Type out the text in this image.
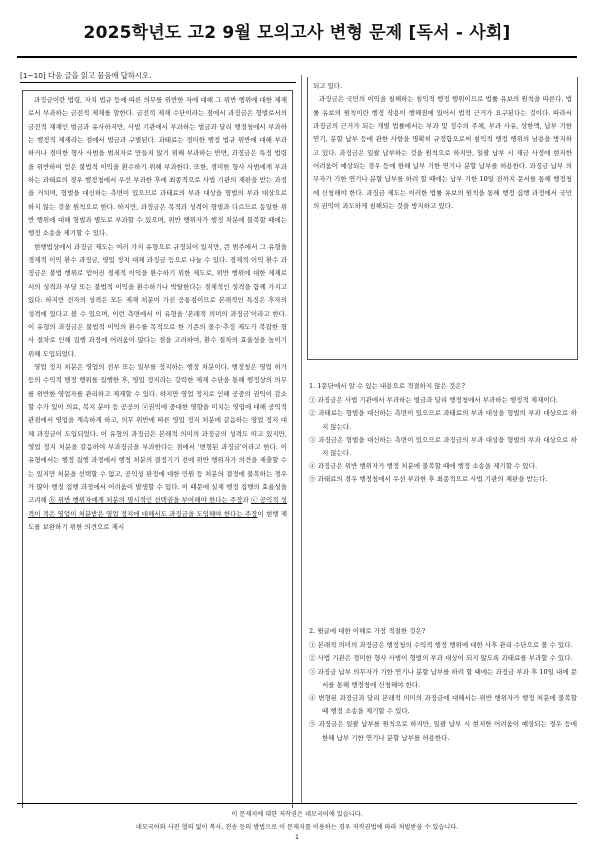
2025학년도 고2 9월 모의고사 변형 문제 [독서 - 사회]
[1~10] 다음 글을 읽고 물음에 답하시오.

과징금이란 법령, 자치 법규 등에 따른 의무를 위반한 자에 대해 그 위반 행위에 대한 제재로서 부과하는 금전적 제재를 말한다. 금전적 제재 수단이라는 점에서 과징금은 형벌로서의 금전적 제재인 벌금과 유사하지만, 사법 기관에서 부과하는 벌금과 달리 행정청에서 부과하는 행정적 제재라는 점에서 벌금과 구별된다. 과태료는 경미한 행정 법규 위반에 대해 부과하거나 경미한 형사 사범을 범죄자로 만들지 않기 위해 부과하는 반면, 과징금은 특정 법령을 위반하여 얻은 불법적 이익을 환수하기 위해 부과한다. 또한, 경미한 형사 사범에게 부과하는 과태료의 경우 행정청에서 우선 부과한 후에 최종적으로 사법 기관의 재판을 받는 과정을 거치며, 형벌을 대신하는 측면이 있으므로 과태료의 부과 대상을 형벌의 부과 대상으로 하지 않는 것을 원칙으로 한다. 하지만, 과징금은 목적과 성격이 형벌과 다르므로 동일한 위반 행위에 대해 형벌과 별도로 부과할 수 있으며, 위반 행위자가 행정 처분에 불복할 때에는 행정 소송을 제기할 수 있다.

현행법상에서 과징금 제도는 여러 가지 유형으로 규정되어 있지만, 큰 범주에서 그 유형을 경제적 이익 환수 과징금, 영업 정지 대체 과징금 등으로 나눌 수 있다. 경제적 이익 환수 과징금은 불법 행위로 얻어진 경제적 이익을 환수하기 위한 제도로, 위반 행위에 대한 제재로서의 성격과 부당 또는 불법적 이익을 환수하기나 박탈한다는 경제적인 성격을 함께 가지고 있다. 하지만 전자의 성격은 모든 제재 처분이 가진 공통점이므로 본래적인 특징은 후자의 성격에 있다고 볼 수 있으며, 이런 측면에서 이 유형을 '본래적 의미의 과징금'이라고 한다. 이 유형의 과징금은 불법적 이익의 환수를 목적으로 한 기존의 몰수·추징 제도가 복잡한 형사 절차로 인해 집행 과정에 어려움이 많다는 점을 고려하여, 환수 절차의 효율성을 높이기 위해 도입되었다.

영업 정지 처분은 영업의 전부 또는 일부를 정지하는 행정 처분이다. 행정청은 영업 허가 등의 수익적 행정 행위를 집행한 후, 영업 정지라는 강력한 제재 수단을 통해 행정상의 의무를 위반한 영업자를 관리하고 제재할 수 있다. 하지만 영업 정지로 인해 공중의 권익이 감소할 수가 있어 의료, 복지 분야 등 공공의 ⓐ권익에 중대한 영향을 미치는 영업에 대해 공익적 관점에서 영업을 계속하게 하고, 의무 위반에 따른 영업 정지 처분에 갈음하는 영업 정지 대체 과징금이 도입되었다. 이 유형의 과징금은 본래적 의미의 과징금의 성격도 띠고 있지만, 영업 정지 처분을 갈음하여 부과징금을 부과한다는 점에서 '변형된 과징금'이라고 한다. 이 유형에서는 행정 집행 과정에서 행정 처분의 결정기기 전에 위반 행위자가 의견을 제출할 수는 있지만 처분을 선택할 수 없고, 공익성 판정에 대한 민원 등 처분의 결정에 불복하는 경우가 많아 행정 집행 과정에서 어려움이 발생할 수 있다. 이 때문에 실제 행정 집행의 효율성을 고려해 ⓑ 위반 행위자에게 처분의 명시적인 선택권을 부여해야 한다는 주장과 ⓒ 공익적 성격이 적은 영업이 처분받은 영업 정지에 대해서도 과징금을 도입해야 한다는 주장이 현행 제도를 보완하기 위한 의견으로 제시

되고 있다.

과징금은 국민의 이익을 침해하는 침익적 행정 행위이므로 법률 유보의 원칙을 따른다. 법률 유보의 원칙이란 행정 작용이 행해짐에 있어서 법적 근거가 요구된다는 것이다. 따라서 과징금의 근거가 되는 개별 법률에서는 부과 및 징수의 주체, 부과 사유, 상한액, 납부 기한 연기, 분할 납부 등에 관한 사항을 명확히 규정함으로써 침익적 행정 행위의 남용을 방지하고 있다. 과징금은 일괄 납부하는 것을 원칙으로 하지만, 일괄 납부 시 재금 사정에 현저한 어려움이 예상되는 경우 등에 한해 납부 기한 연기나 분할 납부를 허용한다. 과징금 납부 의무자가 기한 연기나 분할 납부를 하려 할 때에는 납부 기한 10일 전까지 문서를 통해 행정청에 신청해야 한다. 과징금 제도는 이러한 법률 유보의 원칙을 통해 행정 집행 과정에서 국민의 권익이 과도하게 침해되는 것을 방지하고 있다.

1. 1문단에서 알 수 있는 내용으로 적절하지 않은 것은?

① 과징금은 사법 기관에서 부과하는 벌금과 달리 행정청에서 부과하는 행정적 제재이다.

② 과태료는 형벌을 대신하는 측면이 있으므로 과태료의 부과 대상을 형벌의 부과 대상으로 하지 않는다.

③ 과징금은 형벌을 대신하는 측면이 있으므로 과징금의 부과 대상을 형벌의 부과 대상으로 하지 않는다.

④ 과징금은 위반 행위자가 행정 처분에 불복할 때에 행정 소송을 제기할 수 있다.

⑤ 과태료의 경우 행정청에서 우선 부과한 후 최종적으로 사법 기관의 재판을 받는다.

2. 윗글에 대한 이해로 가장 적절한 것은?

① 본래적 의미의 과징금은 행정청의 수익적 행정 행위에 대한 사후 관리 수단으로 볼 수 있다.

② 사법 기관은 경미한 형사 사범이 형벌의 부과 대상이 되지 않도록 과태료를 부과할 수 있다.

③ 과징금 납부 의무자가 기한 연기나 분할 납부를 하려 할 때에는 과징금 부과 후 10일 내에 문서를 통해 행정청에 신청해야 한다.

④ 변형된 과징금과 달리 본래적 의미의 과징금에 대해서는 위반 행위자가 행정 처분에 불복할 때 행정 소송을 제기할 수 있다.

⑤ 과징금은 일괄 납부를 원칙으로 하지만, 일괄 납부 시 현저한 어려움이 예상되는 경우 등에 한해 납부 기한 연기나 분할 납부를 허용한다.

이 문제지에 대한 저작권은 네모국어에 있습니다.
네모국어와 사전 협의 없이 복사, 전송 등의 방법으로 이 문제지를 이용하는 경우 저작권법에 따라 처벌받을 수 있습니다.
1
